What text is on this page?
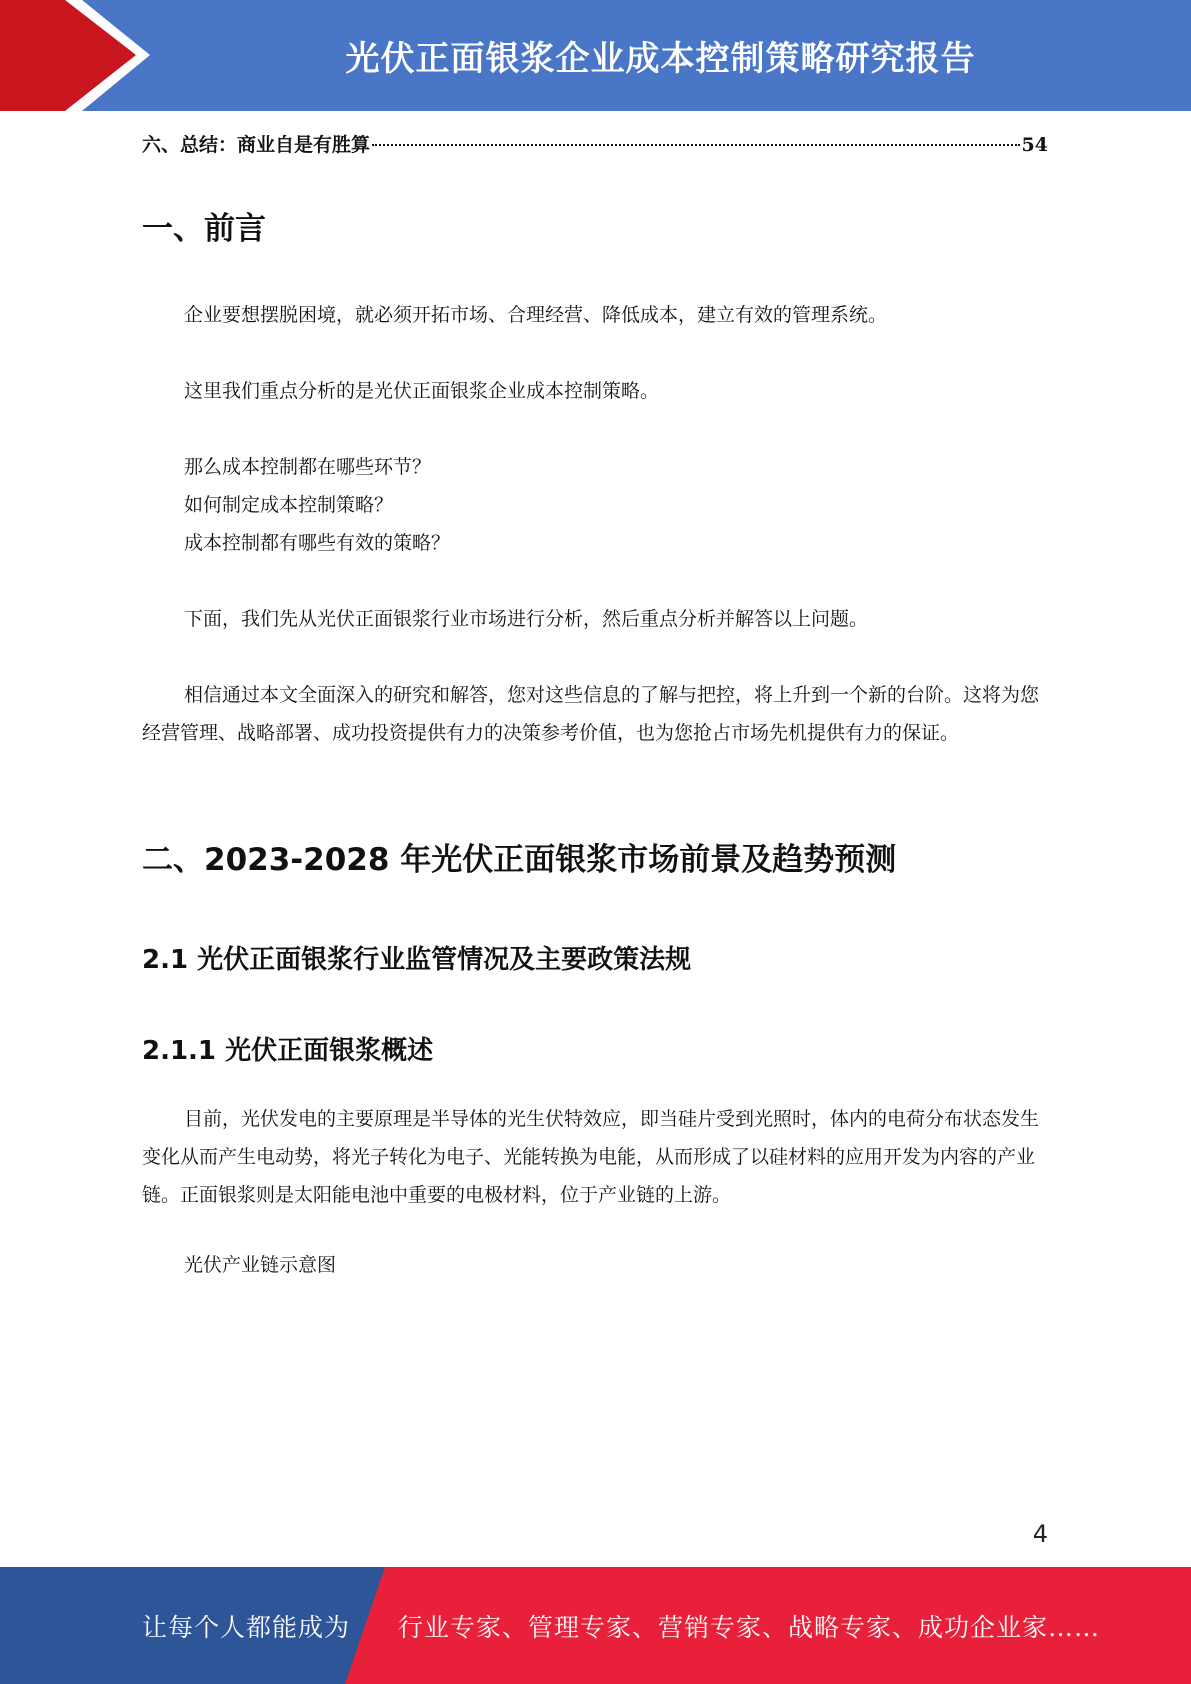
光伏正面银浆企业成本控制策略研究报告
六、总结：商业自是有胜算	54
一、前言

企业要想摆脱困境，就必须开拓市场、合理经营、降低成本，建立有效的管理系统。

这里我们重点分析的是光伏正面银浆企业成本控制策略。

那么成本控制都在哪些环节？

如何制定成本控制策略？

成本控制都有哪些有效的策略？

下面，我们先从光伏正面银浆行业市场进行分析，然后重点分析并解答以上问题。

相信通过本文全面深入的研究和解答，您对这些信息的了解与把控，将上升到一个新的台阶。这将为您经营管理、战略部署、成功投资提供有力的决策参考价值，也为您抢占市场先机提供有力的保证。

二、2023-2028 年光伏正面银浆市场前景及趋势预测
2.1 光伏正面银浆行业监管情况及主要政策法规
2.1.1 光伏正面银浆概述

目前，光伏发电的主要原理是半导体的光生伏特效应，即当硅片受到光照时，体内的电荷分布状态发生变化从而产生电动势，将光子转化为电子、光能转换为电能，从而形成了以硅材料的应用开发为内容的产业链。正面银浆则是太阳能电池中重要的电极材料，位于产业链的上游。

光伏产业链示意图

4
让每个人都能成为 行业专家、管理专家、营销专家、战略专家、成功企业家……
